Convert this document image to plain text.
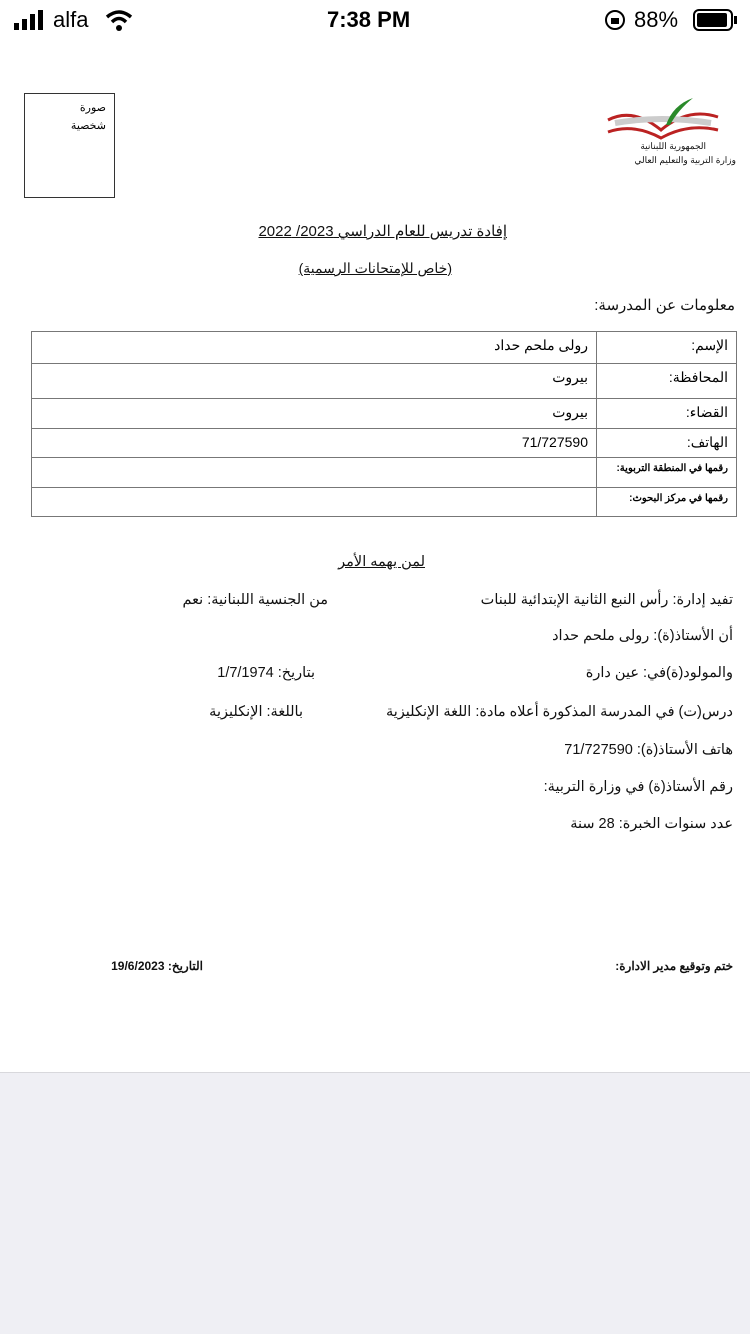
alfa	7:38 PM	88%
الجمهورية اللبنانية
وزارة التربية والتعليم العالي
صورة
شخصية
إفادة تدريس للعام الدراسي 2023/ 2022
(خاص للإمتحانات الرسمية)
معلومات عن المدرسة:
الإسم:	رولى ملحم حداد
المحافظة:	بيروت
القضاء:	بيروت
الهاتف:	71/727590
رقمها في المنطقة التربوية:	
رقمها في مركز البحوث:	
لمن يهمه الأمر
تفيد إدارة: رأس النبع الثانية الإبتدائية للبنات
من الجنسية اللبنانية: نعم
أن الأستاذ(ة): رولى ملحم حداد
والمولود(ة)في: عين دارة
بتاريخ: 1/7/1974
درس(ت) في المدرسة المذكورة أعلاه مادة: اللغة الإنكليزية
باللغة: الإنكليزية
هاتف الأستاذ(ة): 71/727590
رقم الأستاذ(ة) في وزارة التربية:
عدد سنوات الخبرة: 28 سنة
ختم وتوقيع مدير الادارة:
التاريخ: 19/6/2023
